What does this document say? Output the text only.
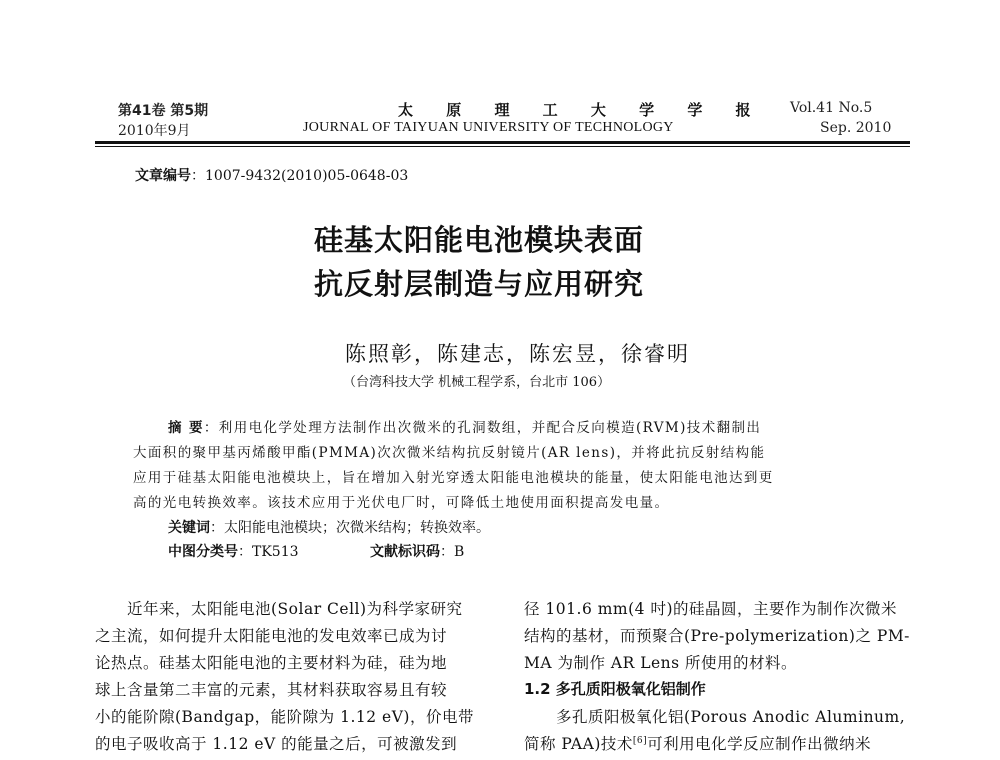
第41卷 第5期
2010年9月
太 原 理 工 大 学 学 报
JOURNAL OF TAIYUAN UNIVERSITY OF TECHNOLOGY
Vol.41 No.5
Sep. 2010
文章编号：1007-9432(2010)05-0648-03
硅基太阳能电池模块表面
抗反射层制造与应用研究
陈照彰，陈建志，陈宏昱，徐睿明
（台湾科技大学 机械工程学系，台北市 106）
摘 要：利用电化学处理方法制作出次微米的孔洞数组，并配合反向模造(RVM)技术翻制出
大面积的聚甲基丙烯酸甲酯(PMMA)次次微米结构抗反射镜片(AR lens)，并将此抗反射结构能
应用于硅基太阳能电池模块上，旨在增加入射光穿透太阳能电池模块的能量，使太阳能电池达到更
高的光电转换效率。该技术应用于光伏电厂时，可降低土地使用面积提高发电量。
关键词：太阳能电池模块；次微米结构；转换效率。
中图分类号：TK513	文献标识码：B
　　近年来，太阳能电池(Solar Cell)为科学家研究
之主流，如何提升太阳能电池的发电效率已成为讨
论热点。硅基太阳能电池的主要材料为硅，硅为地
球上含量第二丰富的元素，其材料获取容易且有较
小的能阶隙(Bandgap，能阶隙为 1.12 eV)，价电带
的电子吸收高于 1.12 eV 的能量之后，可被激发到
径 101.6 mm(4 吋)的硅晶圆，主要作为制作次微米
结构的基材，而预聚合(Pre-polymerization)之 PM-
MA 为制作 AR Lens 所使用的材料。
1.2 多孔质阳极氧化铝制作
　　多孔质阳极氧化铝(Porous Anodic Aluminum,
简称 PAA)技术[6]可利用电化学反应制作出微纳米
